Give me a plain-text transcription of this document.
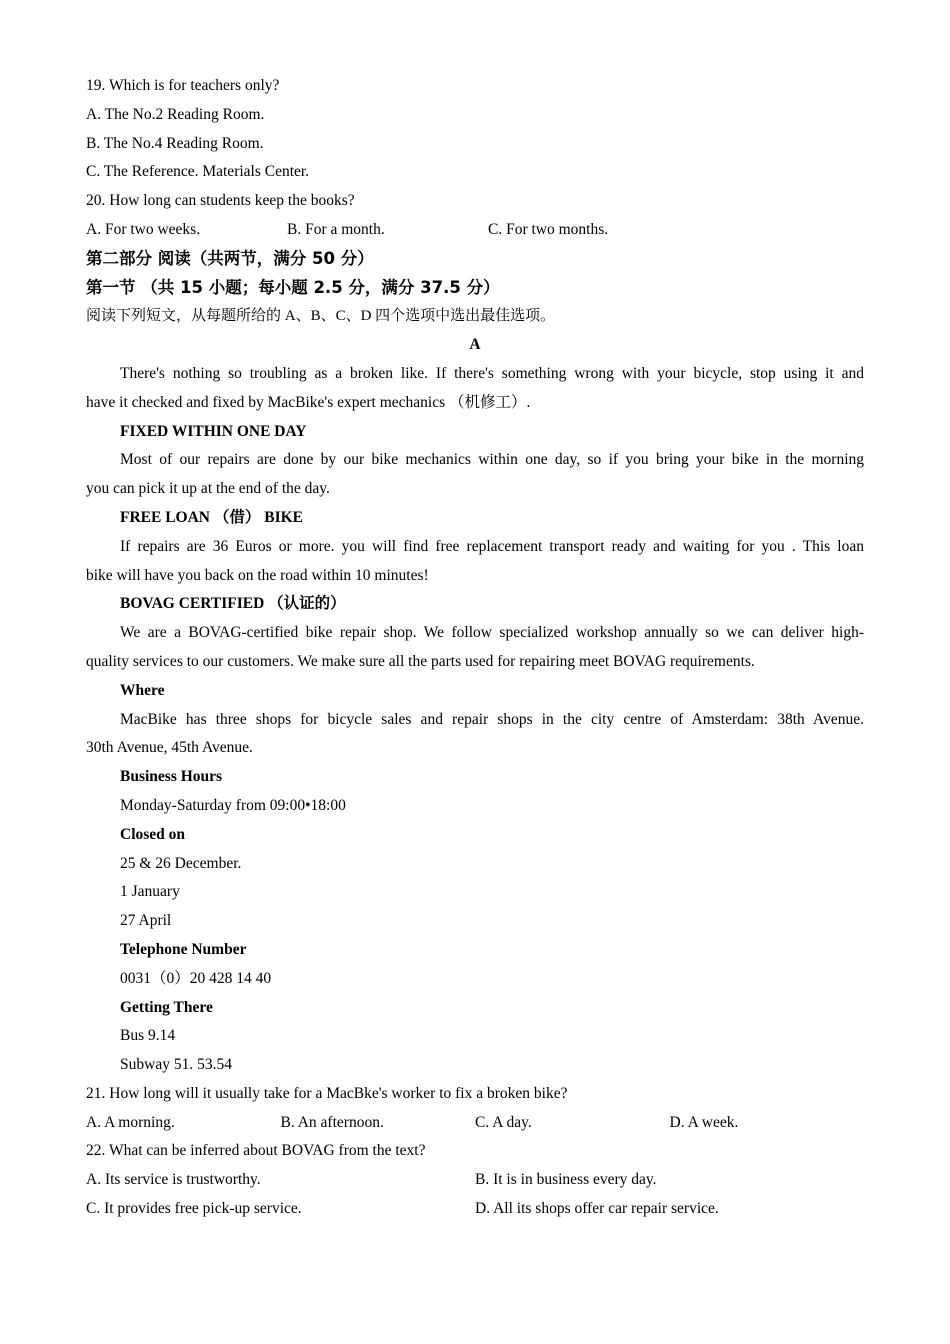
19. Which is for teachers only?
A. The No.2 Reading Room.
B. The No.4 Reading Room.
C. The Reference. Materials Center.
20. How long can students keep the books?
A. For two weeks.	B. For a month.	C. For two months.
第二部分 阅读（共两节，满分 50 分）
第一节 （共 15 小题；每小题 2.5 分，满分 37.5 分）
阅读下列短文，从每题所给的 A、B、C、D 四个选项中选出最佳选项。
A
There's nothing so troubling as a broken like. If there's something wrong with your bicycle, stop using it and
have it checked and fixed by MacBike's expert mechanics （机修工）.
FIXED WITHIN ONE DAY
Most of our repairs are done by our bike mechanics within one day, so if you bring your bike in the morning
you can pick it up at the end of the day.
FREE LOAN （借） BIKE
If repairs are 36 Euros or more. you will find free replacement transport ready and waiting for you . This loan
bike will have you back on the road within 10 minutes!
BOVAG CERTIFIED （认证的）
We are a BOVAG-certified bike repair shop. We follow specialized workshop annually so we can deliver high-
quality services to our customers. We make sure all the parts used for repairing meet BOVAG requirements.
Where
MacBike has three shops for bicycle sales and repair shops in the city centre of Amsterdam: 38th Avenue.
30th Avenue, 45th Avenue.
Business Hours
Monday-Saturday from 09:00•18:00
Closed on
25 & 26 December.
1 January
27 April
Telephone Number
0031（0）20 428 14 40
Getting There
Bus 9.14
Subway 51. 53.54
21. How long will it usually take for a MacBke's worker to fix a broken bike?
A. A morning.	B. An afternoon.	C. A day.	D. A week.
22. What can be inferred about BOVAG from the text?
A. Its service is trustworthy.	B. It is in business every day.
C. It provides free pick-up service.	D. All its shops offer car repair service.
